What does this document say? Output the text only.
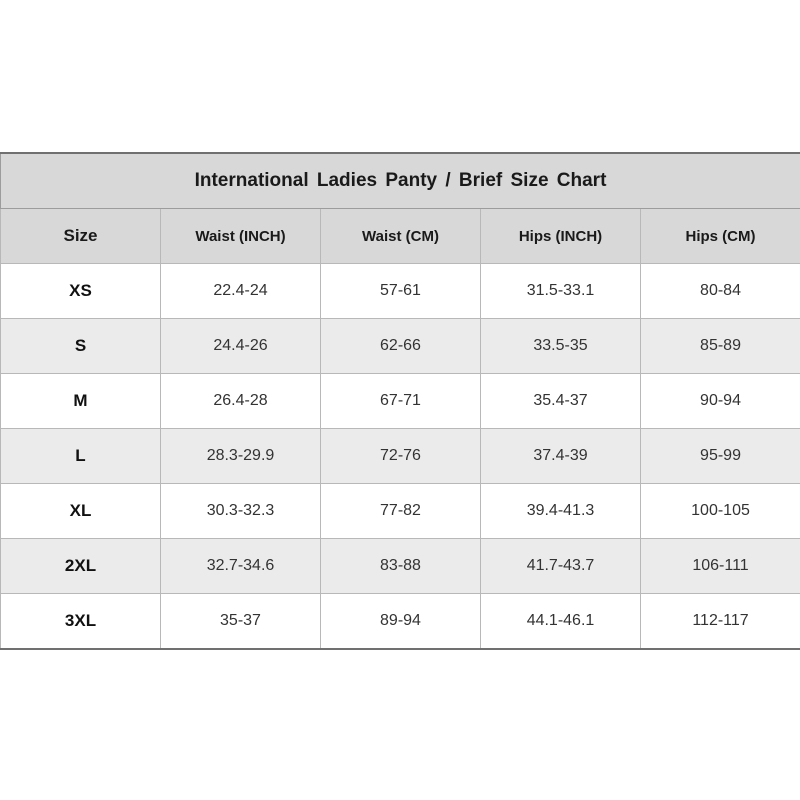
International Ladies Panty / Brief Size Chart				
Size	Waist (INCH)	Waist (CM)	Hips (INCH)	Hips (CM)
XS	22.4-24	57-61	31.5-33.1	80-84
S	24.4-26	62-66	33.5-35	85-89
M	26.4-28	67-71	35.4-37	90-94
L	28.3-29.9	72-76	37.4-39	95-99
XL	30.3-32.3	77-82	39.4-41.3	100-105
2XL	32.7-34.6	83-88	41.7-43.7	106-111
3XL	35-37	89-94	44.1-46.1	112-117
